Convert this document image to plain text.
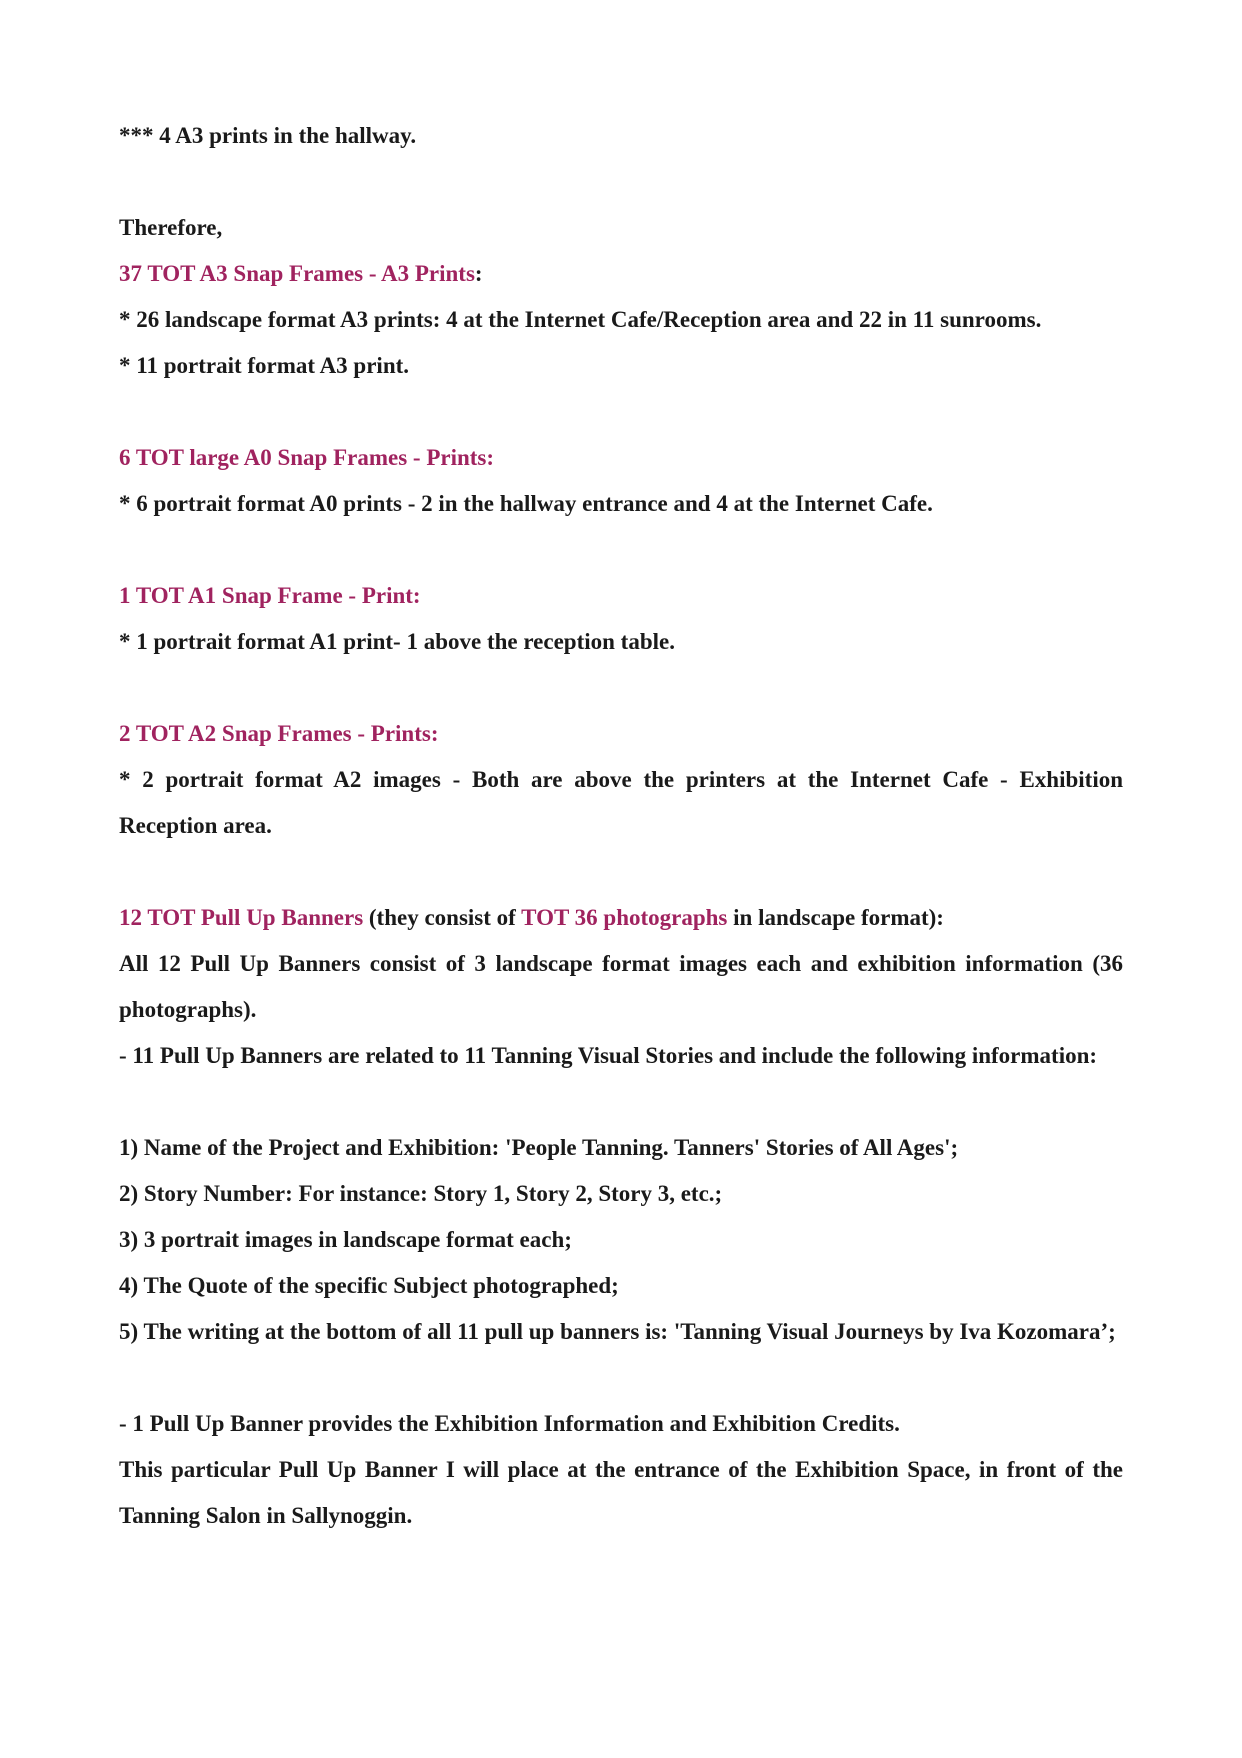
*** 4 A3 prints in the hallway.

Therefore,

37 TOT A3 Snap Frames - A3 Prints:

* 26 landscape format A3 prints: 4 at the Internet Cafe/Reception area and 22 in 11 sunrooms.

* 11 portrait format A3 print.

6 TOT large A0 Snap Frames - Prints:

* 6 portrait format A0 prints - 2 in the hallway entrance and 4 at the Internet Cafe.

1 TOT A1 Snap Frame - Print:

* 1 portrait format A1 print- 1 above the reception table.

2 TOT A2 Snap Frames - Prints:

* 2 portrait format A2 images - Both are above the printers at the Internet Cafe - Exhibition Reception area.

12 TOT Pull Up Banners (they consist of TOT 36 photographs in landscape format):

All 12 Pull Up Banners consist of 3 landscape format images each and exhibition information (36 photographs).

- 11 Pull Up Banners are related to 11 Tanning Visual Stories and include the following information:

1) Name of the Project and Exhibition: 'People Tanning. Tanners' Stories of All Ages';

2) Story Number: For instance: Story 1, Story 2, Story 3, etc.;

3) 3 portrait images in landscape format each;

4) The Quote of the specific Subject photographed;

5) The writing at the bottom of all 11 pull up banners is: 'Tanning Visual Journeys by Iva Kozomara’;

- 1 Pull Up Banner provides the Exhibition Information and Exhibition Credits.

This particular Pull Up Banner I will place at the entrance of the Exhibition Space, in front of the Tanning Salon in Sallynoggin.
